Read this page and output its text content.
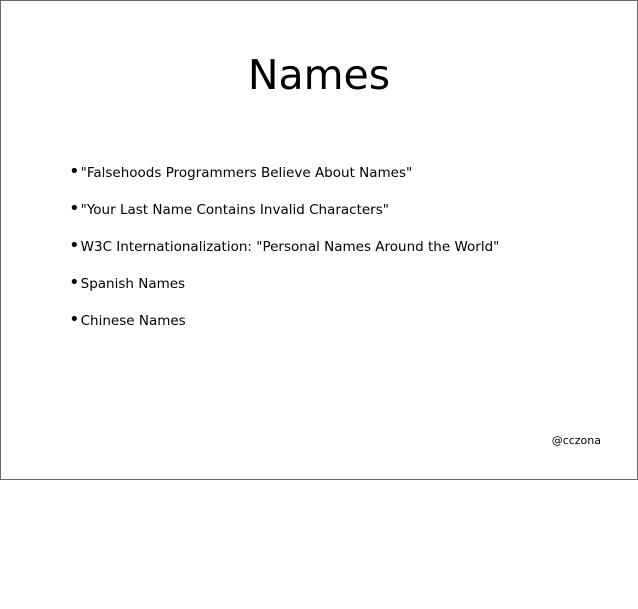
Names
• "Falsehoods Programmers Believe About Names"
• "Your Last Name Contains Invalid Characters"
• W3C Internationalization: "Personal Names Around the World"
• Spanish Names
• Chinese Names
@cczona
